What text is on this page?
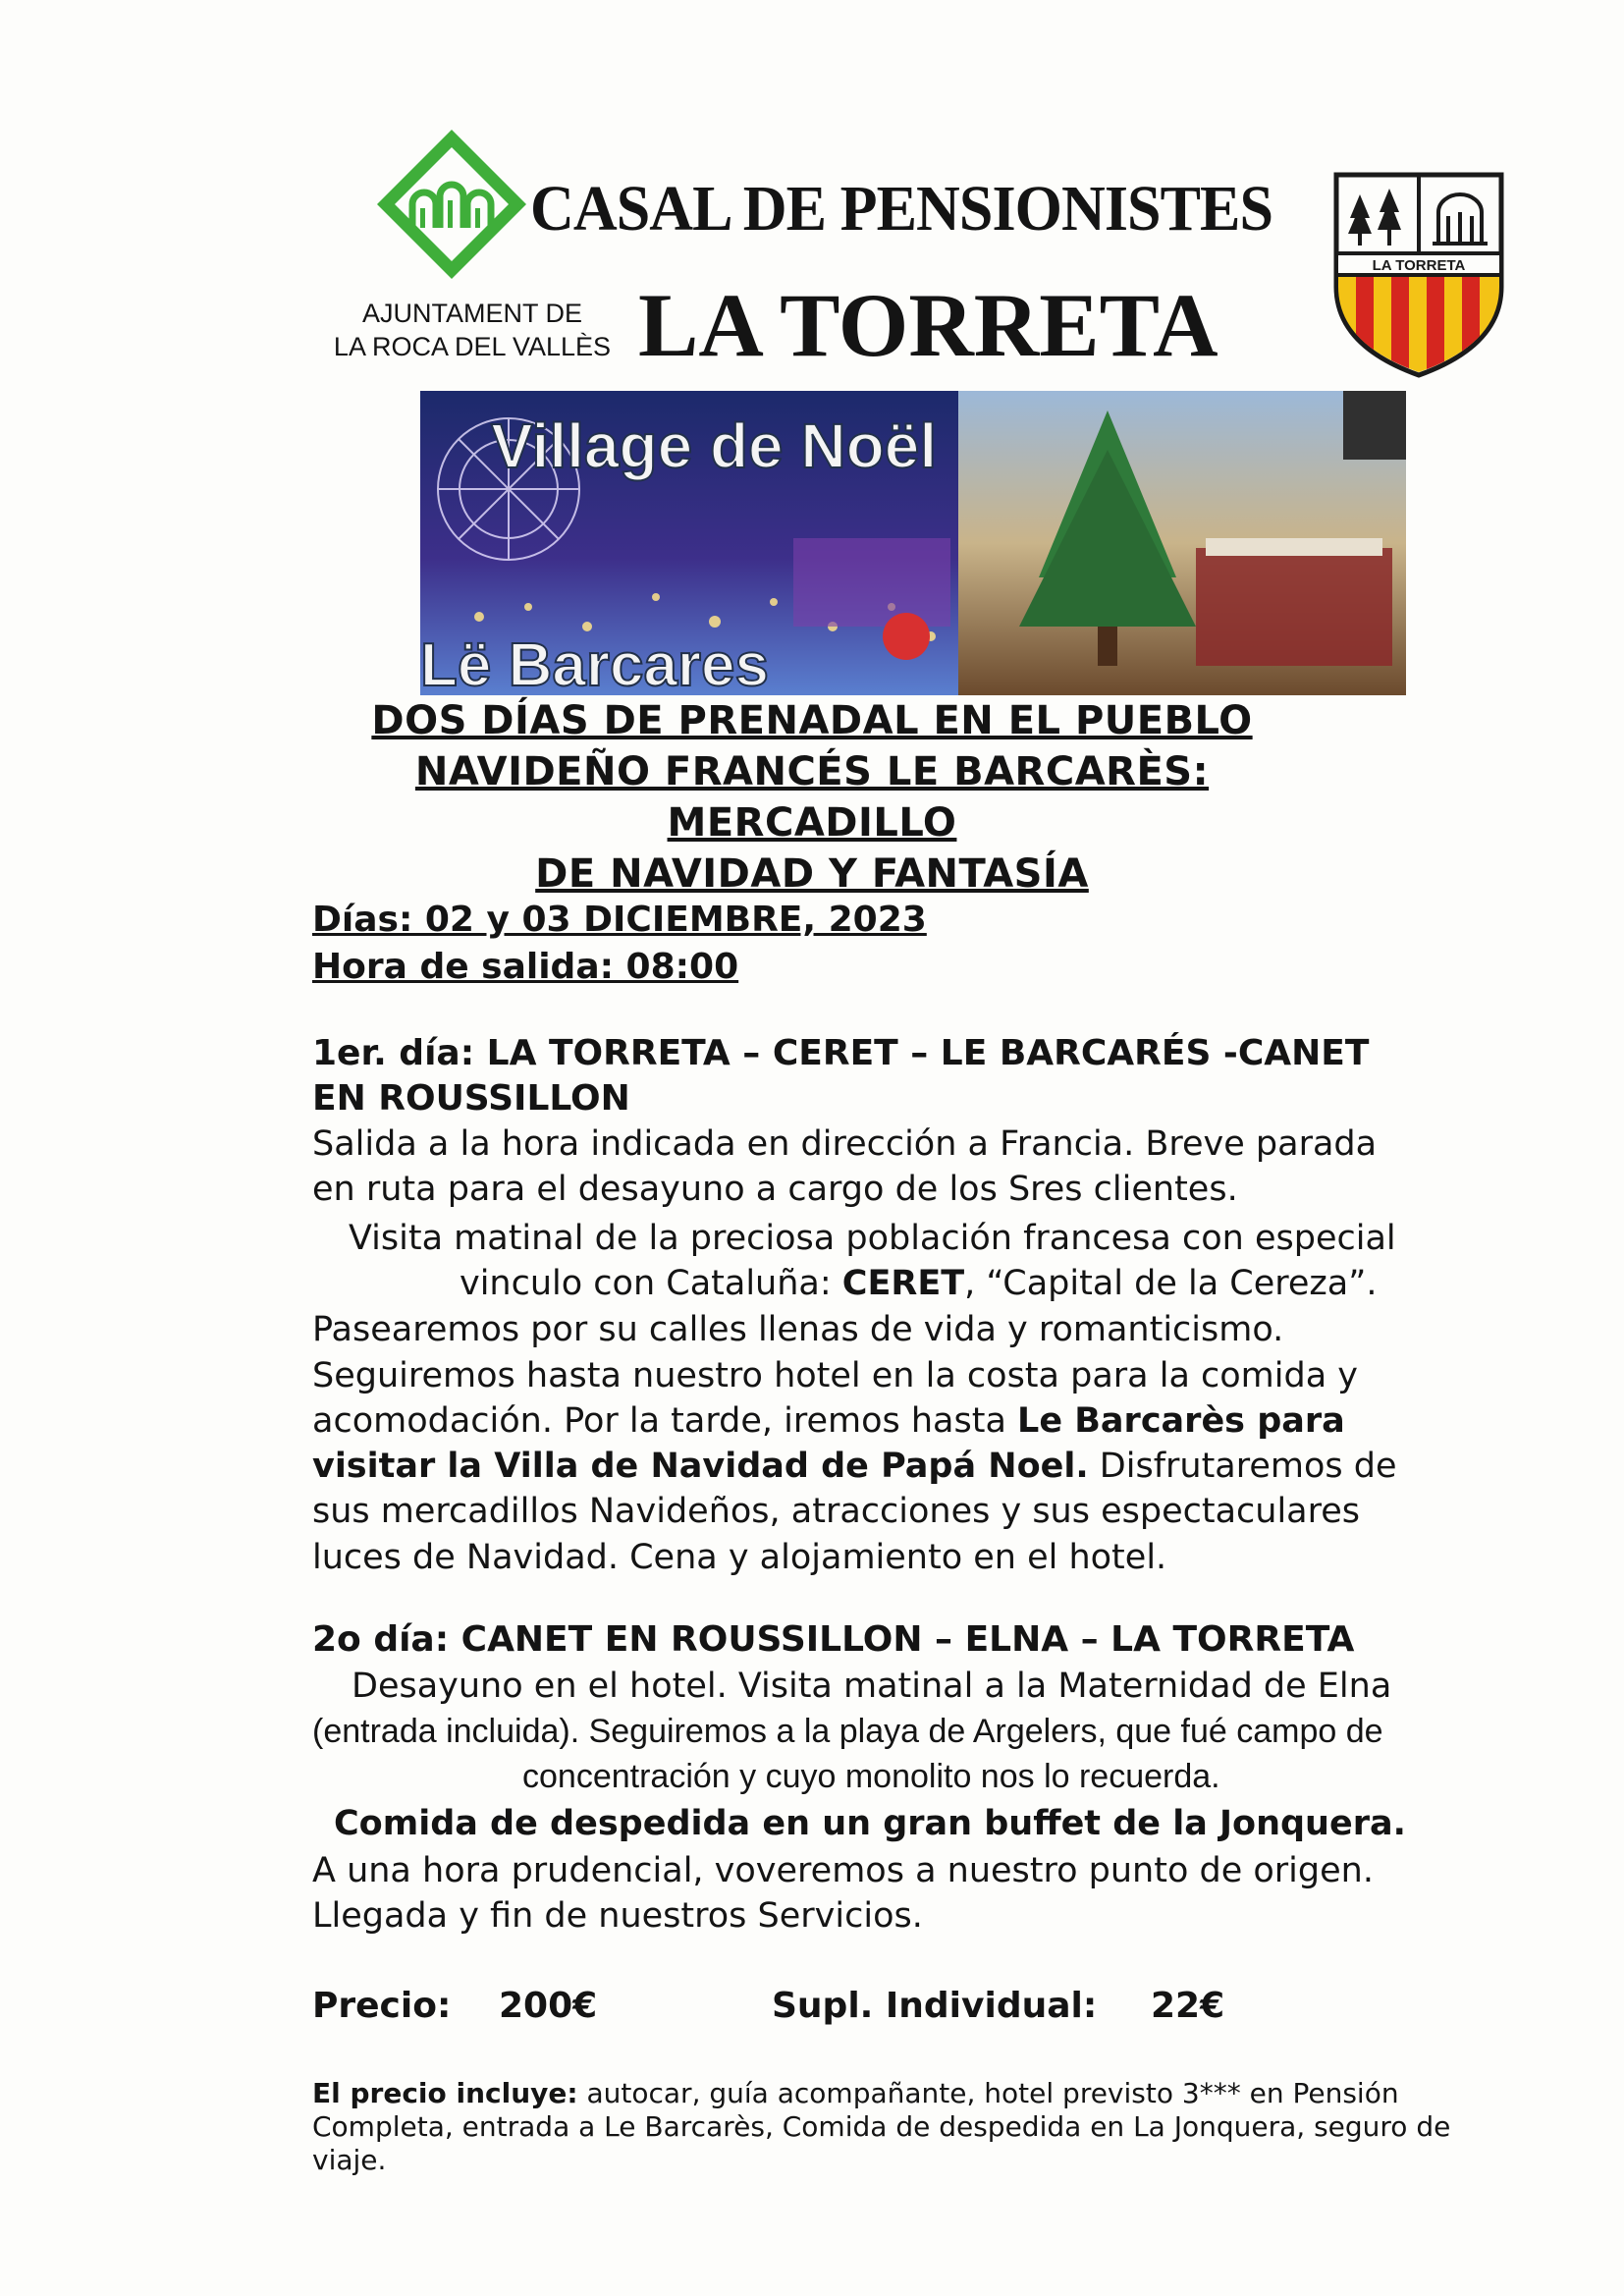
CASAL DE PENSIONISTES
LA TORRETA
AJUNTAMENT DE
LA ROCA DEL VALLÈS
LA TORRETA
Village de Noël
Lë Barcares
DOS DÍAS DE PRENADAL EN EL PUEBLO
NAVIDEÑO FRANCÉS LE BARCARÈS: MERCADILLO
DE NAVIDAD Y FANTASÍA
Días: 02 y 03 DICIEMBRE, 2023
Hora de salida: 08:00
1er. día: LA TORRETA – CERET – LE BARCARÉS -CANET
EN ROUSSILLON
Salida a la hora indicada en dirección a Francia. Breve parada
en ruta para el desayuno a cargo de los Sres clientes.
Visita matinal de la preciosa población francesa con especial
vinculo con Cataluña: CERET, “Capital de la Cereza”.
Pasearemos por su calles llenas de vida y romanticismo.
Seguiremos hasta nuestro hotel en la costa para la comida y
acomodación. Por la tarde, iremos hasta Le Barcarès para
visitar la Villa de Navidad de Papá Noel. Disfrutaremos de
sus mercadillos Navideños, atracciones y sus espectaculares
luces de Navidad. Cena y alojamiento en el hotel.
2o día: CANET EN ROUSSILLON – ELNA – LA TORRETA
Desayuno en el hotel. Visita matinal a la Maternidad de Elna
(entrada incluida). Seguiremos a la playa de Argelers, que fué campo de
concentración y cuyo monolito nos lo recuerda.
Comida de despedida en un gran buffet de la Jonquera.
A una hora prudencial, voveremos a nuestro punto de origen.
Llegada y fin de nuestros Servicios.
Precio: 200€	Supl. Individual: 22€
El precio incluye: autocar, guía acompañante, hotel previsto 3*** en Pensión Completa, entrada a Le Barcarès, Comida de despedida en La Jonquera, seguro de viaje.
